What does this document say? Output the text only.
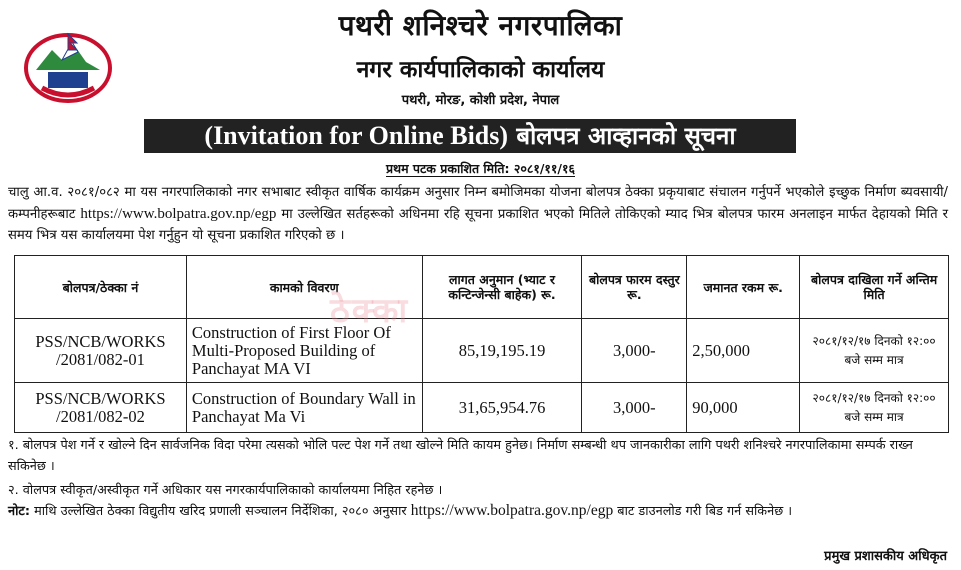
पथरी शनिश्चरे नगरपालिका
नगर कार्यपालिकाको कार्यालय
पथरी, मोरङ, कोशी प्रदेश, नेपाल
(Invitation for Online Bids) बोलपत्र आव्हानको सूचना
प्रथम पटक प्रकाशित मिति: २०८१/११/१६

चालु आ.व. २०८१/०८२ मा यस नगरपालिकाको नगर सभाबाट स्वीकृत वार्षिक कार्यक्रम अनुसार निम्न बमोजिमका योजना बोलपत्र ठेक्का प्रकृयाबाट संचालन गर्नुपर्ने भएकोले इच्छुक निर्माण ब्यवसायी/कम्पनीहरूबाट https://www.bolpatra.gov.np/egp मा उल्लेखित सर्तहरूको अधिनमा रहि सूचना प्रकाशित भएको मितिले तोकिएको म्याद भित्र बोलपत्र फारम अनलाइन मार्फत देहायको मिति र समय भित्र यस कार्यालयमा पेश गर्नुहुन यो सूचना प्रकाशित गरिएको छ ।

बोलपत्र/ठेक्का नं	कामको विवरण	लागत अनुमान (भ्याट र कन्टिन्जेन्सी बाहेक) रू.	बोलपत्र फारम दस्तुर रू.	जमानत रकम रू.	बोलपत्र दाखिला गर्ने अन्तिम मिति
PSS/NCB/WORKS /2081/082-01	Construction of First Floor Of Multi-Proposed Building of Panchayat MA VI	85,19,195.19	3,000-	2,50,000	२०८१/१२/१७ दिनको १२:०० बजे सम्म मात्र
PSS/NCB/WORKS /2081/082-02	Construction of Boundary Wall in Panchayat Ma Vi	31,65,954.76	3,000-	90,000	२०८१/१२/१७ दिनको १२:०० बजे सम्म मात्र
ठेक्का

१. बोलपत्र पेश गर्ने र खोल्ने दिन सार्वजनिक विदा परेमा त्यसको भोलि पल्ट पेश गर्ने तथा खोल्ने मिति कायम हुनेछ। निर्माण सम्बन्धी थप जानकारीका लागि पथरी शनिश्चरे नगरपालिकामा सम्पर्क राख्न सकिनेछ ।

२. वोलपत्र स्वीकृत/अस्वीकृत गर्ने अधिकार यस नगरकार्यपालिकाको कार्यालयमा निहित रहनेछ ।

नोट: माथि उल्लेखित ठेक्का विद्युतीय खरिद प्रणाली सञ्चालन निर्देशिका, २०८० अनुसार https://www.bolpatra.gov.np/egp बाट डाउनलोड गरी बिड गर्न सकिनेछ ।

प्रमुख प्रशासकीय अधिकृत
